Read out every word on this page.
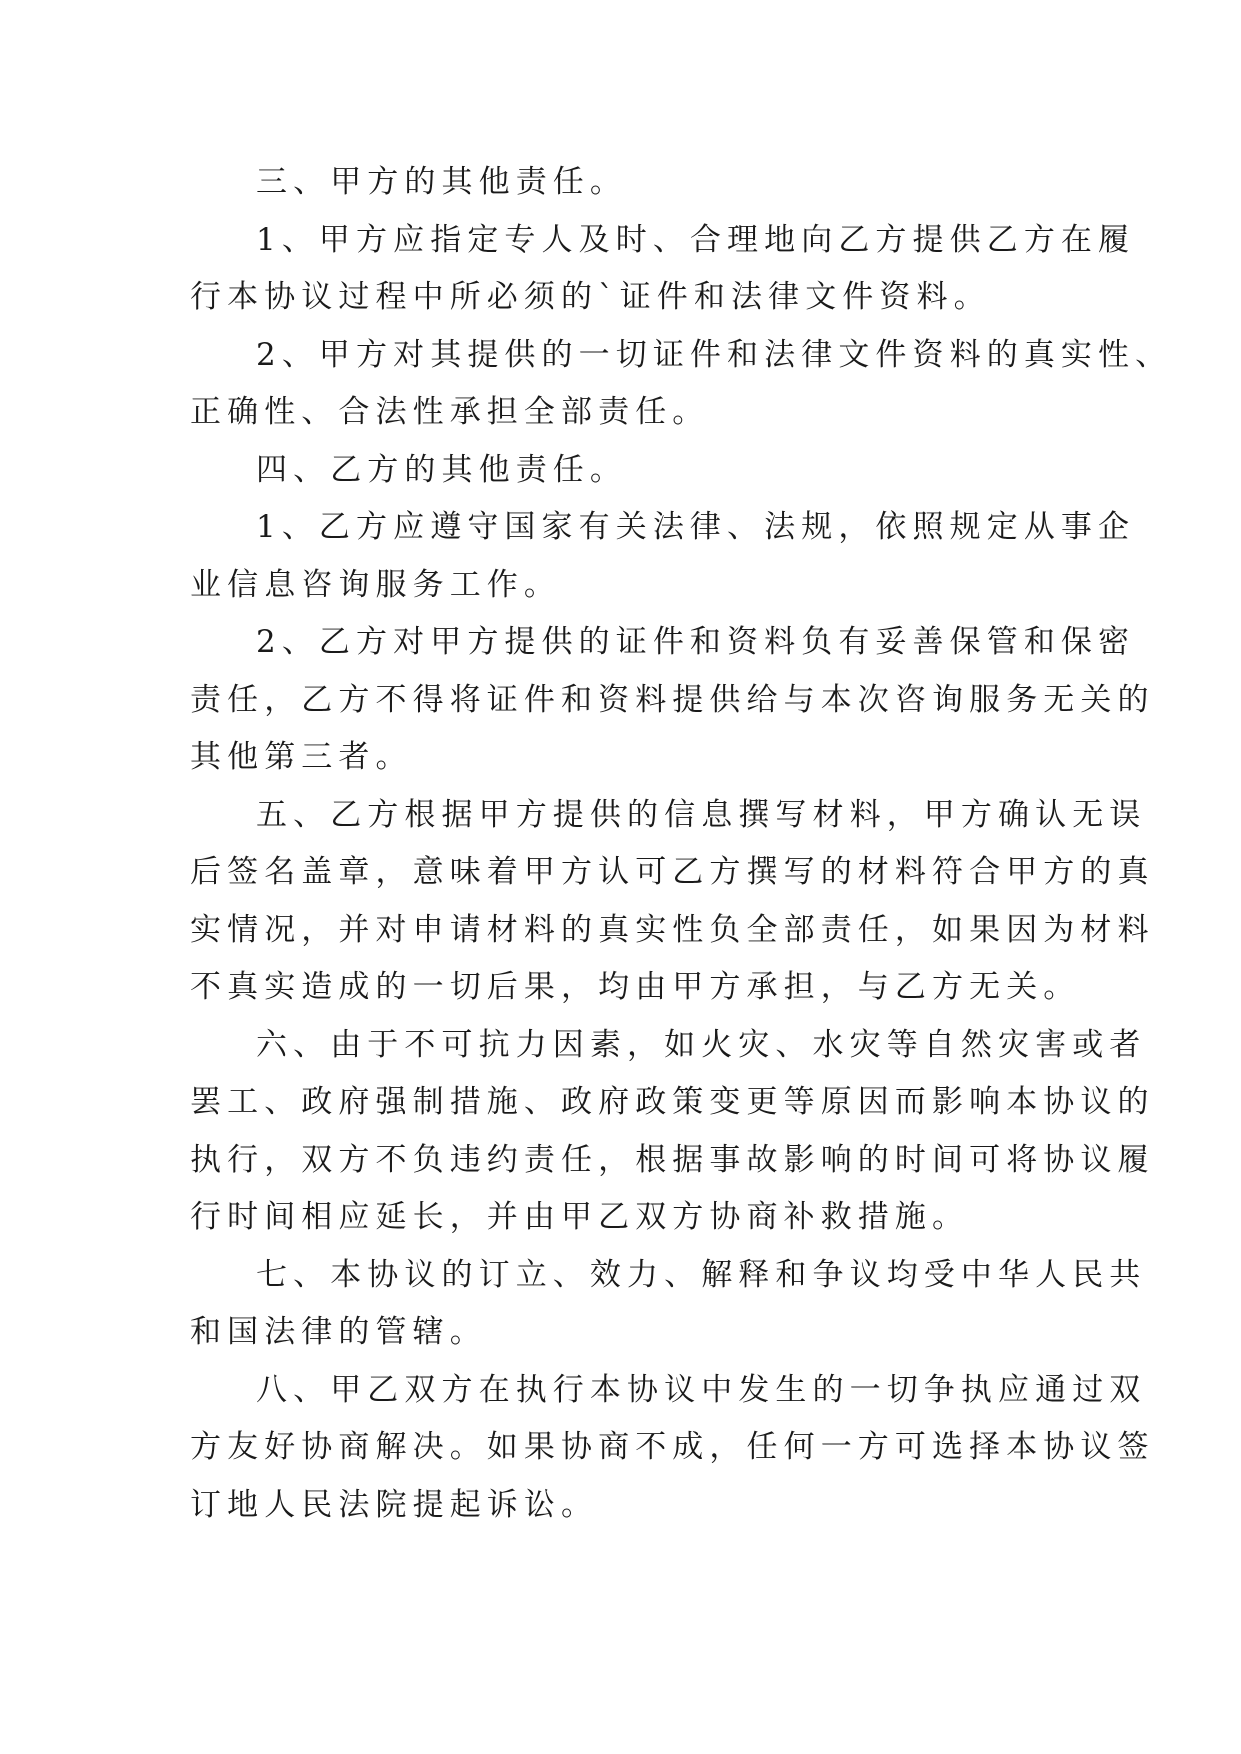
三、甲方的其他责任。
1、甲方应指定专人及时、合理地向乙方提供乙方在履
行本协议过程中所必须的`证件和法律文件资料。
2、甲方对其提供的一切证件和法律文件资料的真实性、
正确性、合法性承担全部责任。
四、乙方的其他责任。
1、乙方应遵守国家有关法律、法规，依照规定从事企
业信息咨询服务工作。
2、乙方对甲方提供的证件和资料负有妥善保管和保密
责任，乙方不得将证件和资料提供给与本次咨询服务无关的
其他第三者。
五、乙方根据甲方提供的信息撰写材料，甲方确认无误
后签名盖章，意味着甲方认可乙方撰写的材料符合甲方的真
实情况，并对申请材料的真实性负全部责任，如果因为材料
不真实造成的一切后果，均由甲方承担，与乙方无关。
六、由于不可抗力因素，如火灾、水灾等自然灾害或者
罢工、政府强制措施、政府政策变更等原因而影响本协议的
执行，双方不负违约责任，根据事故影响的时间可将协议履
行时间相应延长，并由甲乙双方协商补救措施。
七、本协议的订立、效力、解释和争议均受中华人民共
和国法律的管辖。
八、甲乙双方在执行本协议中发生的一切争执应通过双
方友好协商解决。如果协商不成，任何一方可选择本协议签
订地人民法院提起诉讼。
